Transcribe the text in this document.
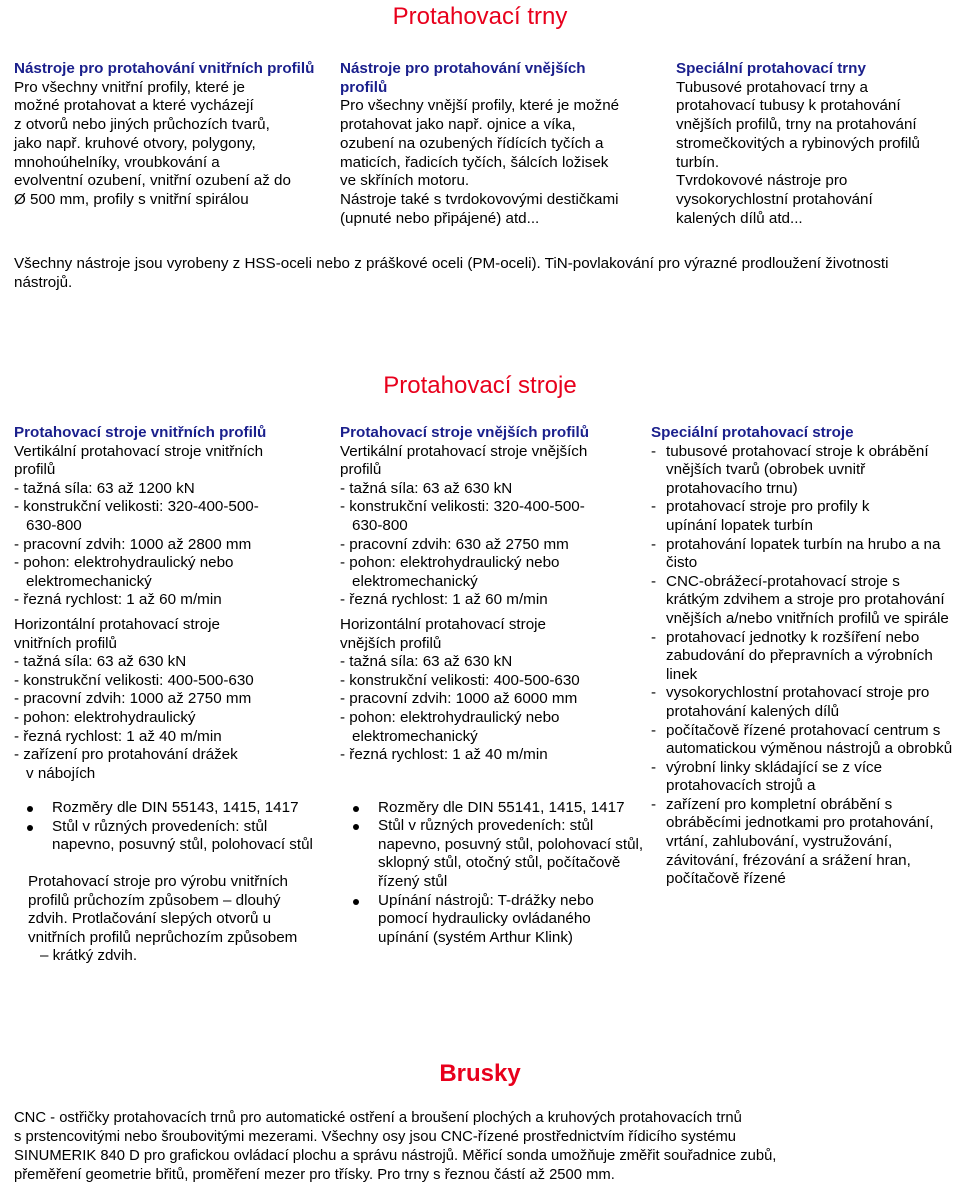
Protahovací trny
Nástroje pro protahování vnitřních profilů
Pro všechny vnitřní profily, které je
možné protahovat a které vycházejí
z otvorů nebo jiných průchozích tvarů,
jako např. kruhové otvory, polygony,
mnohoúhelníky, vroubkování a
evolventní ozubení, vnitřní ozubení až do
Ø 500 mm, profily s vnitřní spirálou
Nástroje pro protahování vnějších profilů
Pro všechny vnější profily, které je možné
protahovat jako např. ojnice a víka,
ozubení na ozubených řídících tyčích a
maticích, řadicích tyčích, šálcích ložisek
ve skříních motoru.
Nástroje také s tvrdokovovými destičkami
(upnuté nebo připájené) atd...
Speciální protahovací trny
Tubusové protahovací trny a
protahovací tubusy k protahování
vnějších profilů, trny na protahování
stromečkovitých a rybinových profilů
turbín.
Tvrdokovové nástroje pro
vysokorychlostní protahování
kalených dílů atd...
Všechny nástroje jsou vyrobeny z HSS-oceli nebo z práškové oceli (PM-oceli). TiN-povlakování pro výrazné prodloužení životnosti nástrojů.
Protahovací stroje
Protahovací stroje vnitřních profilů
Vertikální protahovací stroje vnitřních
profilů
- tažná síla: 63 až 1200 kN
- konstrukční velikosti: 320-400-500-
630-800
- pracovní zdvih: 1000 až 2800 mm
- pohon: elektrohydraulický nebo
elektromechanický
- řezná rychlost: 1 až 60 m/min
Horizontální protahovací stroje
vnitřních profilů
- tažná síla: 63 až 630 kN
- konstrukční velikosti: 400-500-630
- pracovní zdvih: 1000 až 2750 mm
- pohon: elektrohydraulický
- řezná rychlost: 1 až 40 m/min
- zařízení pro protahování drážek
v nábojích
Rozměry dle DIN 55143, 1415, 1417
Stůl v různých provedeních: stůl napevno, posuvný stůl, polohovací stůl
Protahovací stroje pro výrobu vnitřních
profilů průchozím způsobem – dlouhý
zdvih. Protlačování slepých otvorů u
vnitřních profilů neprůchozím způsobem
– krátký zdvih.
Protahovací stroje vnějších profilů
Vertikální protahovací stroje vnějších
profilů
- tažná síla: 63 až 630 kN
- konstrukční velikosti: 320-400-500-
630-800
- pracovní zdvih: 630 až 2750 mm
- pohon: elektrohydraulický nebo
elektromechanický
- řezná rychlost: 1 až 60 m/min
Horizontální protahovací stroje
vnějších profilů
- tažná síla: 63 až 630 kN
- konstrukční velikosti: 400-500-630
- pracovní zdvih: 1000 až 6000 mm
- pohon: elektrohydraulický nebo
elektromechanický
- řezná rychlost: 1 až 40 m/min
Rozměry dle DIN 55141, 1415, 1417
Stůl v různých provedeních: stůl napevno, posuvný stůl, polohovací stůl, sklopný stůl, otočný stůl, počítačově řízený stůl
Upínání nástrojů: T-drážky nebo pomocí hydraulicky ovládaného upínání (systém Arthur Klink)
Speciální protahovací stroje
- tubusové protahovací stroje k obrábění vnějších tvarů (obrobek uvnitř protahovacího trnu)
- protahovací stroje pro profily k upínání lopatek turbín
- protahování lopatek turbín na hrubo a na čisto
- CNC-obrážecí-protahovací stroje s krátkým zdvihem a stroje pro protahování vnějších a/nebo vnitřních profilů ve spirále
- protahovací jednotky k rozšíření nebo zabudování do přepravních a výrobních linek
- vysokorychlostní protahovací stroje pro protahování kalených dílů
- počítačově řízené protahovací centrum s automatickou výměnou nástrojů a obrobků
- výrobní linky skládající se z více protahovacích strojů a
- zařízení pro kompletní obrábění s obráběcími jednotkami pro protahování, vrtání, zahlubování, vystružování, závitování, frézování a srážení hran, počítačově řízené
Brusky
CNC - ostřičky protahovacích trnů pro automatické ostření a broušení plochých a kruhových protahovacích trnů
s prstencovitými nebo šroubovitými mezerami. Všechny osy jsou CNC-řízené prostřednictvím řídicího systému
SINUMERIK 840 D pro grafickou ovládací plochu a správu nástrojů. Měřicí sonda umožňuje změřit souřadnice zubů,
přeměření geometrie břitů, proměření mezer pro třísky. Pro trny s řeznou částí až 2500 mm.
